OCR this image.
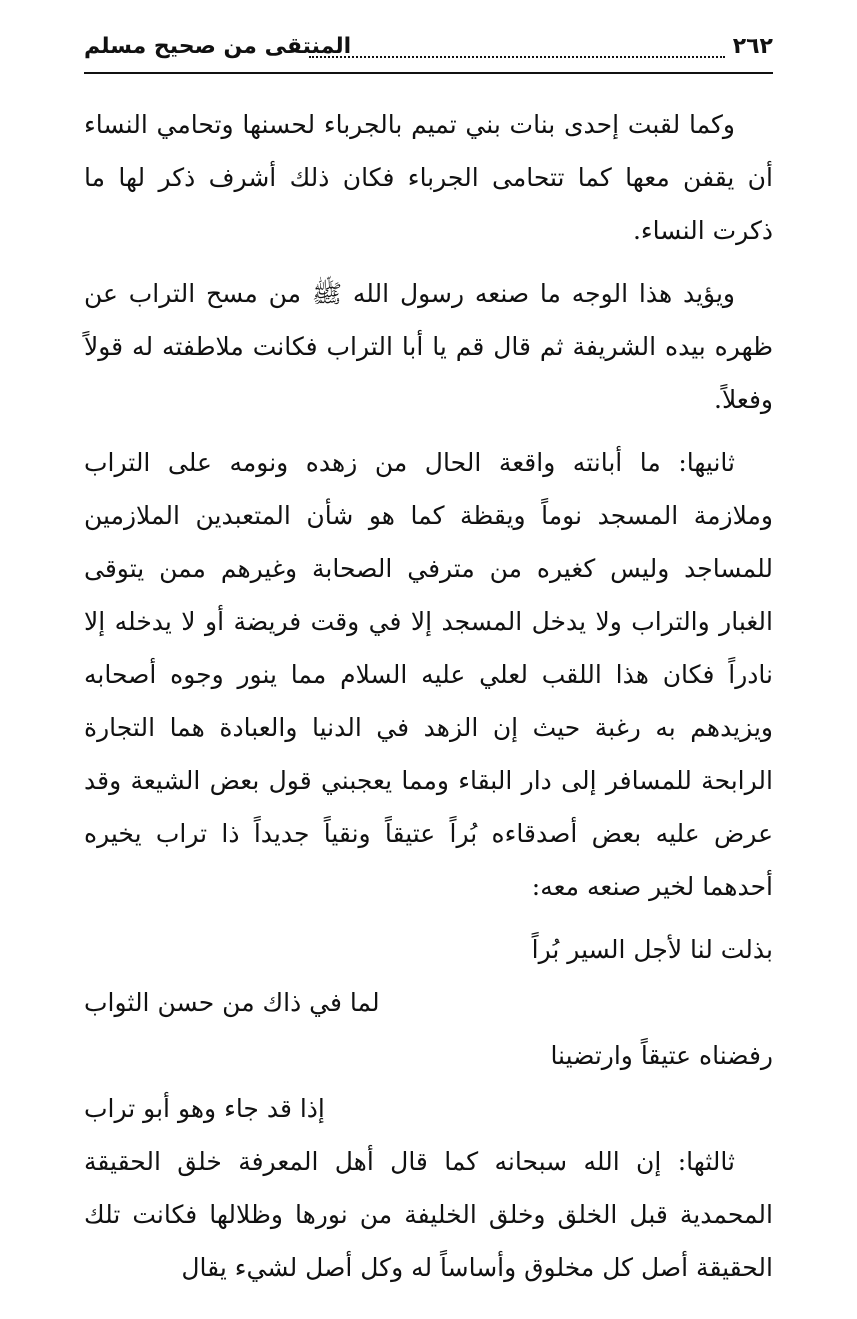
٢٦٢
المنتقى من صحيح مسلم

وكما لقبت إحدى بنات بني تميم بالجرباء لحسنها وتحامي النساء أن يقفن معها كما تتحامى الجرباء فكان ذلك أشرف ذكر لها ما ذكرت النساء.

ويؤيد هذا الوجه ما صنعه رسول الله ﷺ من مسح التراب عن ظهره بيده الشريفة ثم قال قم يا أبا التراب فكانت ملاطفته له قولاً وفعلاً.

ثانيها: ما أبانته واقعة الحال من زهده ونومه على التراب وملازمة المسجد نوماً ويقظة كما هو شأن المتعبدين الملازمين للمساجد وليس كغيره من مترفي الصحابة وغيرهم ممن يتوقى الغبار والتراب ولا يدخل المسجد إلا في وقت فريضة أو لا يدخله إلا نادراً فكان هذا اللقب لعلي عليه السلام مما ينور وجوه أصحابه ويزيدهم به رغبة حيث إن الزهد في الدنيا والعبادة هما التجارة الرابحة للمسافر إلى دار البقاء ومما يعجبني قول بعض الشيعة وقد عرض عليه بعض أصدقاءه بُراً عتيقاً ونقياً جديداً ذا تراب يخيره أحدهما لخير صنعه معه:

بذلت لنا لأجل السير بُراً
لما في ذاك من حسن الثواب
رفضناه عتيقاً وارتضينا
إذا قد جاء وهو أبو تراب

ثالثها: إن الله سبحانه كما قال أهل المعرفة خلق الحقيقة المحمدية قبل الخلق وخلق الخليفة من نورها وظلالها فكانت تلك الحقيقة أصل كل مخلوق وأساساً له وكل أصل لشيء يقال
